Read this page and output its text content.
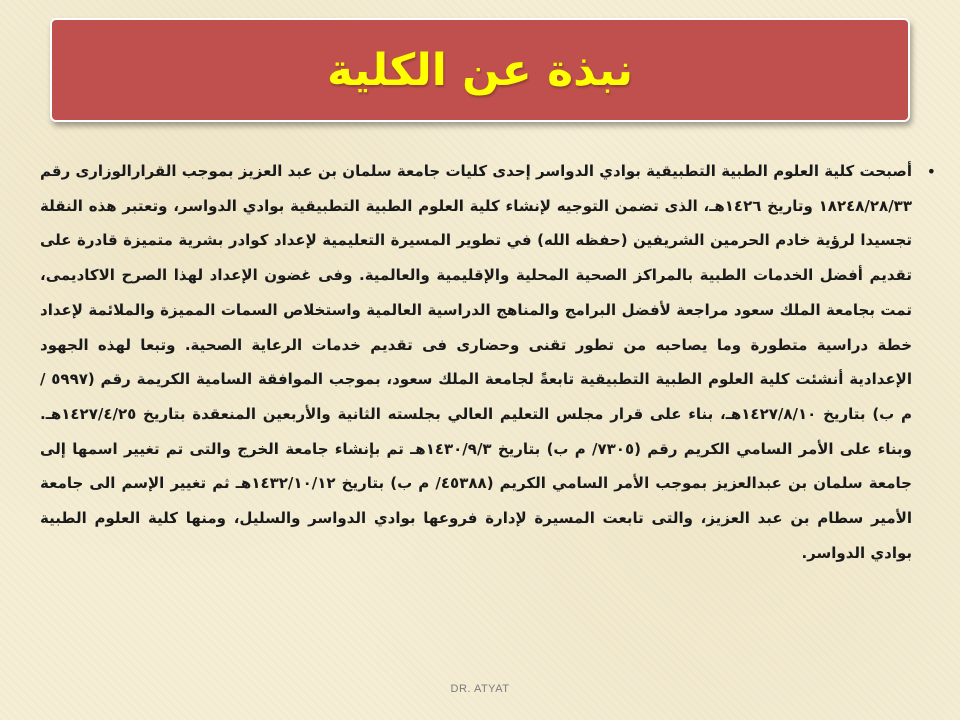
نبذة عن الكلية
•

أصبحت كلية العلوم الطبية التطبيقية بوادي الدواسر إحدى كليات جامعة سلمان بن عبد العزيز بموجب القرارالوزارى رقم ١٨٢٤٨/٢٨/٣٣ وتاريخ ١٤٢٦هـ، الذى تضمن التوجيه لإنشاء كلية العلوم الطبية التطبيقية بوادي الدواسر، وتعتبر هذه النقلة تجسيدا لرؤية خادم الحرمين الشريفين (حفظه الله) في تطوير المسيرة التعليمية لإعداد كوادر بشرية متميزة قادرة على تقديم أفضل الخدمات الطبية بالمراكز الصحية المحلية والإقليمية والعالمية. وفى غضون الإعداد لهذا الصرح الاكاديمى، تمت بجامعة الملك سعود مراجعة لأفضل البرامج والمناهج الدراسية العالمية واستخلاص السمات المميزة والملائمة لإعداد خطة دراسية متطورة وما يصاحبه من تطور تقنى وحضارى فى تقديم خدمات الرعاية الصحية. وتبعا لهذه الجهود الإعدادية أنشئت كلية العلوم الطبية التطبيقية تابعةً لجامعة الملك سعود، بموجب الموافقة السامية الكريمة رقم (٥٩٩٧ / م ب) بتاريخ ١٤٢٧/٨/١٠هـ، بناء على قرار مجلس التعليم العالي بجلسته الثانية والأربعين المنعقدة بتاريخ ١٤٢٧/٤/٢٥هـ. وبناء على الأمر السامي الكريم رقم (٧٣٠٥/ م ب) بتاريخ ١٤٣٠/٩/٣هـ تم بإنشاء جامعة الخرج والتى تم تغيير اسمها إلى جامعة سلمان بن عبدالعزيز بموجب الأمر السامي الكريم (٤٥٣٨٨/ م ب) بتاريخ ١٤٣٢/١٠/١٢هـ ثم تغيير الإسم الى جامعة الأمير سطام بن عبد العزيز، والتى تابعت المسيرة لإدارة فروعها بوادي الدواسر والسليل، ومنها كلية العلوم الطبية بوادي الدواسر.

DR. ATYAT
